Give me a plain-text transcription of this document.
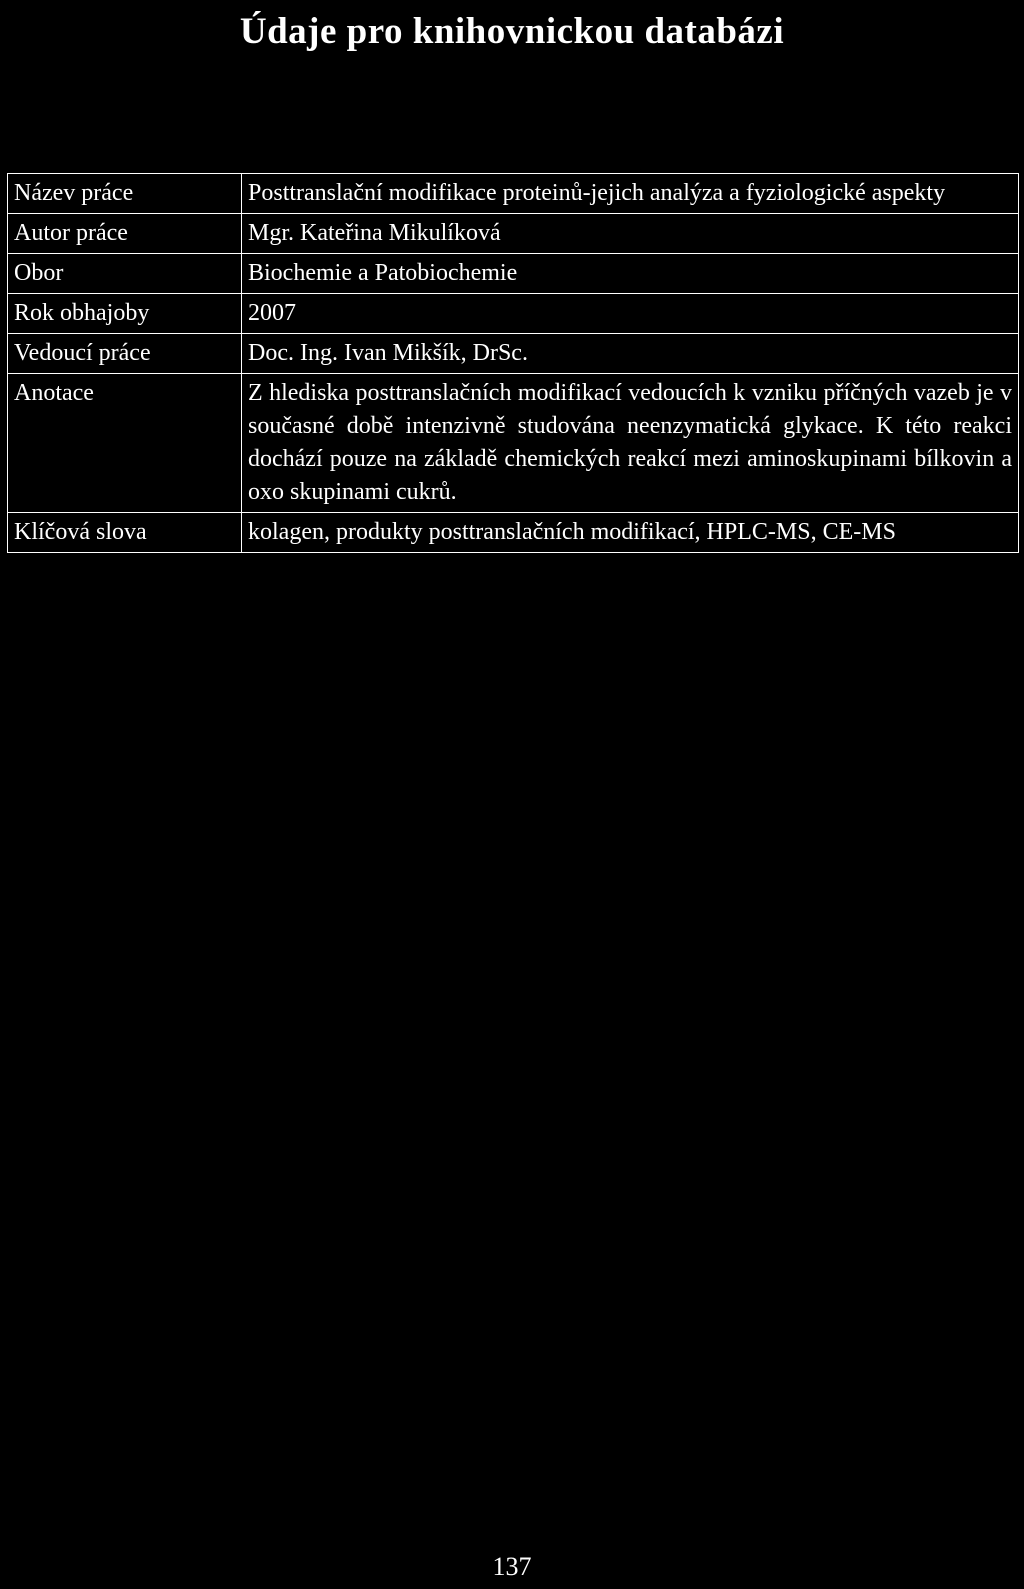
Údaje pro knihovnickou databázi
Název práce	Posttranslační modifikace proteinů-jejich analýza a fyziologické aspekty
Autor práce	Mgr. Kateřina Mikulíková
Obor	Biochemie a Patobiochemie
Rok obhajoby	2007
Vedoucí práce	Doc. Ing. Ivan Mikšík, DrSc.
Anotace	Z hlediska posttranslačních modifikací vedoucích k vzniku příčných vazeb je v současné době intenzivně studována neenzymatická glykace. K této reakci dochází pouze na základě chemických reakcí mezi aminoskupinami bílkovin a oxo skupinami cukrů.
Klíčová slova	kolagen, produkty posttranslačních modifikací, HPLC-MS, CE-MS
137
